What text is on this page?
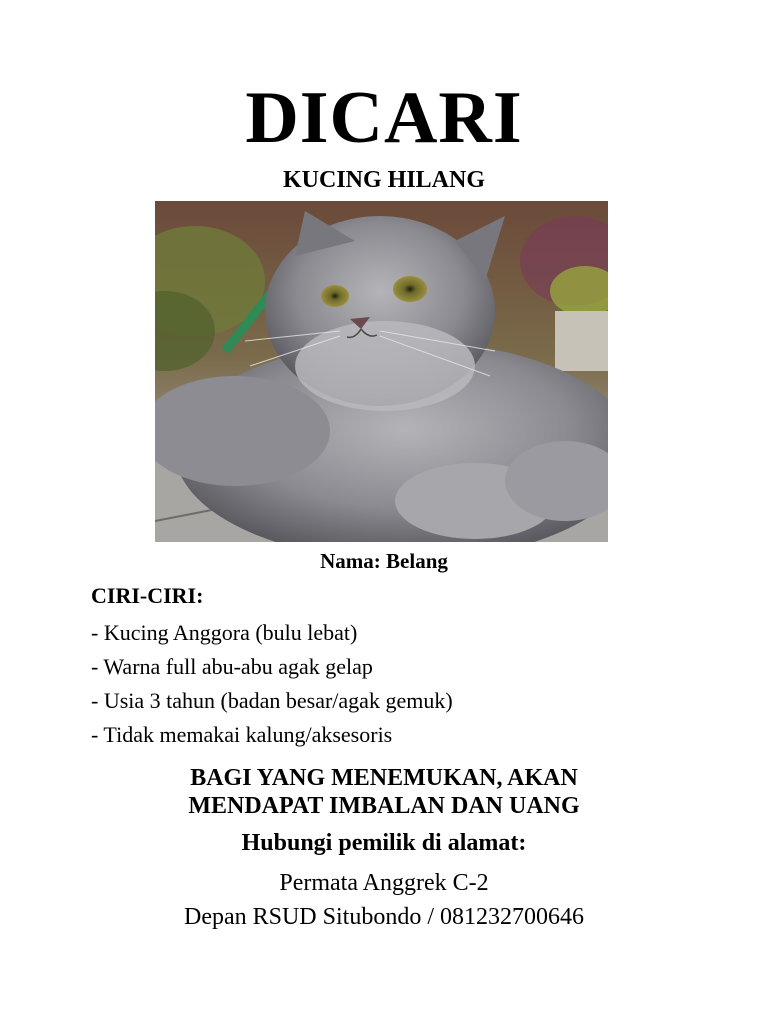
DICARI
KUCING HILANG
Nama: Belang
CIRI-CIRI:
- Kucing Anggora (bulu lebat)
- Warna full abu-abu agak gelap
- Usia 3 tahun (badan besar/agak gemuk)
- Tidak memakai kalung/aksesoris
BAGI YANG MENEMUKAN, AKAN
MENDAPAT IMBALAN DAN UANG
Hubungi pemilik di alamat:
Permata Anggrek C-2
Depan RSUD Situbondo / 081232700646
